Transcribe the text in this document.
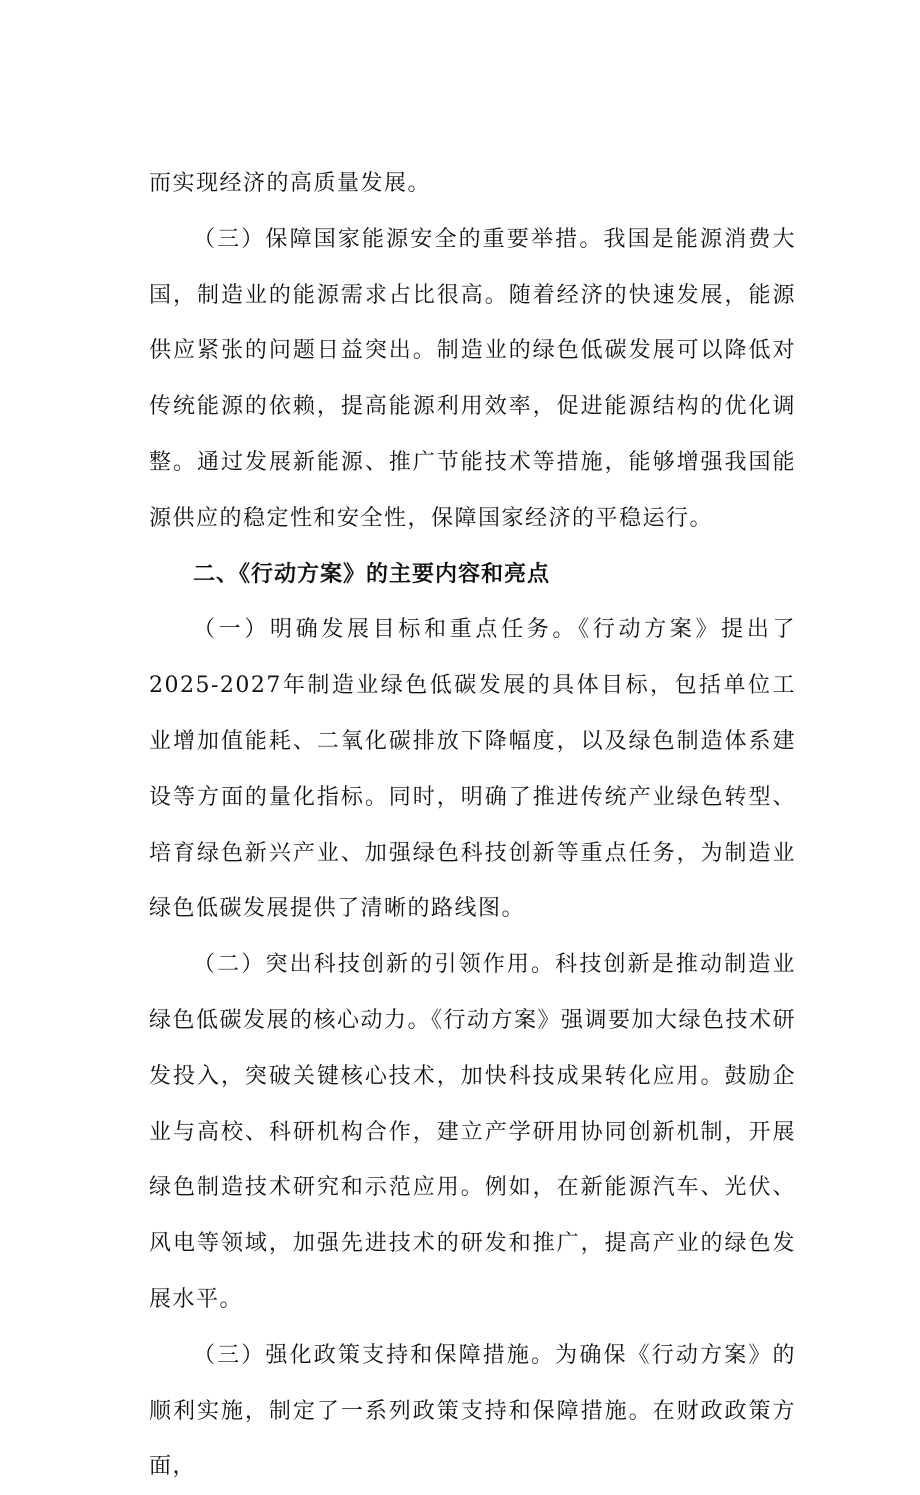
而实现经济的高质量发展。

（三）保障国家能源安全的重要举措。我国是能源消费大国，制造业的能源需求占比很高。随着经济的快速发展，能源供应紧张的问题日益突出。制造业的绿色低碳发展可以降低对传统能源的依赖，提高能源利用效率，促进能源结构的优化调整。通过发展新能源、推广节能技术等措施，能够增强我国能源供应的稳定性和安全性，保障国家经济的平稳运行。

二、《行动方案》的主要内容和亮点

（一）明确发展目标和重点任务。《行动方案》提出了2025-2027年制造业绿色低碳发展的具体目标，包括单位工业增加值能耗、二氧化碳排放下降幅度，以及绿色制造体系建设等方面的量化指标。同时，明确了推进传统产业绿色转型、培育绿色新兴产业、加强绿色科技创新等重点任务，为制造业绿色低碳发展提供了清晰的路线图。

（二）突出科技创新的引领作用。科技创新是推动制造业绿色低碳发展的核心动力。《行动方案》强调要加大绿色技术研发投入，突破关键核心技术，加快科技成果转化应用。鼓励企业与高校、科研机构合作，建立产学研用协同创新机制，开展绿色制造技术研究和示范应用。例如，在新能源汽车、光伏、风电等领域，加强先进技术的研发和推广，提高产业的绿色发展水平。

（三）强化政策支持和保障措施。为确保《行动方案》的顺利实施，制定了一系列政策支持和保障措施。在财政政策方面，
